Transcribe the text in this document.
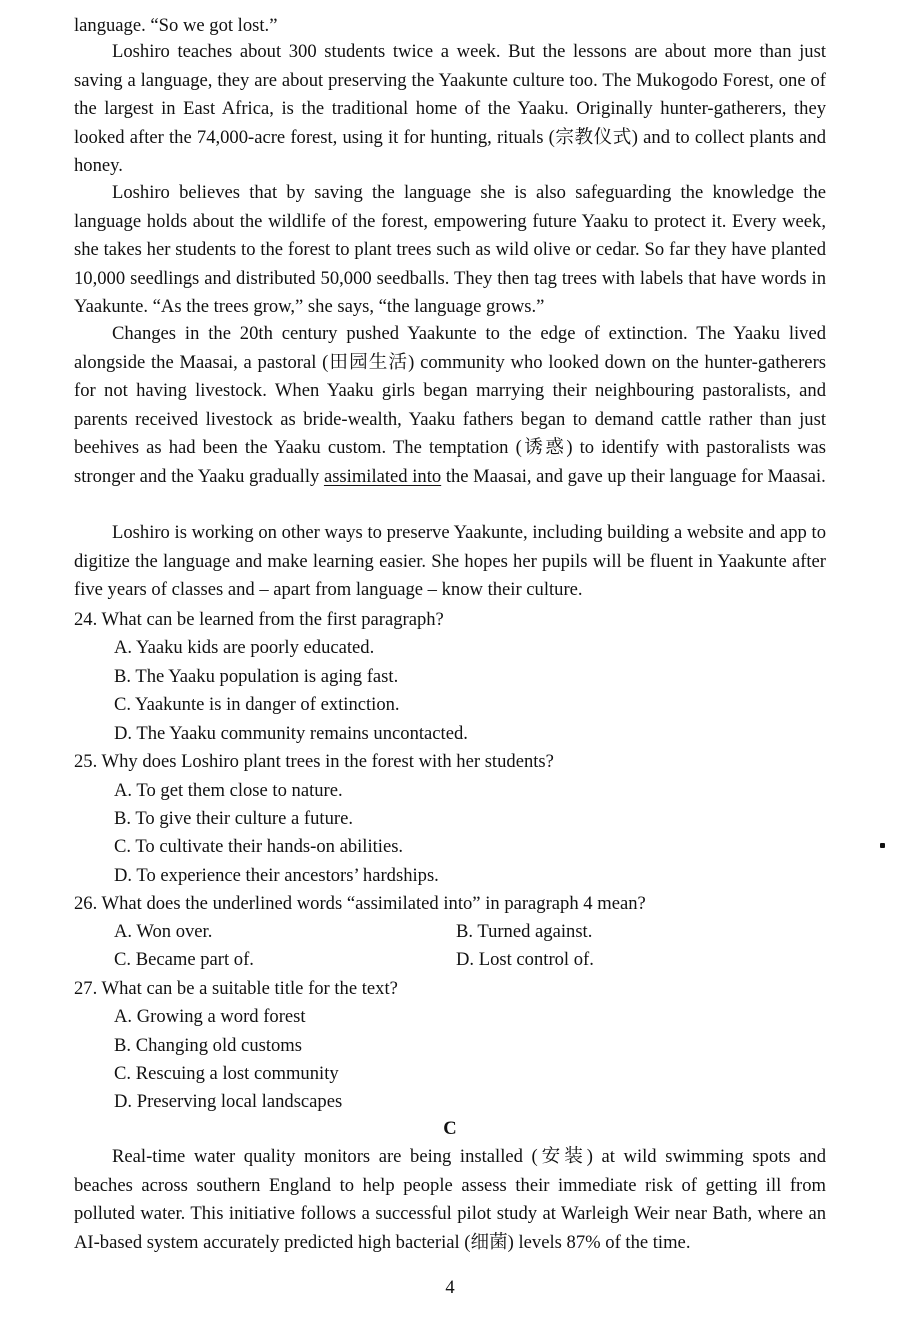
language. “So we got lost.”
Loshiro teaches about 300 students twice a week. But the lessons are about more than just saving a language, they are about preserving the Yaakunte culture too. The Mukogodo Forest, one of the largest in East Africa, is the traditional home of the Yaaku. Originally hunter-gatherers, they looked after the 74,000-acre forest, using it for hunting, rituals (宗教仪式) and to collect plants and honey.
Loshiro believes that by saving the language she is also safeguarding the knowledge the language holds about the wildlife of the forest, empowering future Yaaku to protect it. Every week, she takes her students to the forest to plant trees such as wild olive or cedar. So far they have planted 10,000 seedlings and distributed 50,000 seedballs. They then tag trees with labels that have words in Yaakunte. “As the trees grow,” she says, “the language grows.”
Changes in the 20th century pushed Yaakunte to the edge of extinction. The Yaaku lived alongside the Maasai, a pastoral (田园生活) community who looked down on the hunter-gatherers for not having livestock. When Yaaku girls began marrying their neighbouring pastoralists, and parents received livestock as bride-wealth, Yaaku fathers began to demand cattle rather than just beehives as had been the Yaaku custom. The temptation (诱惑) to identify with pastoralists was stronger and the Yaaku gradually assimilated into the Maasai, and gave up their language for Maasai.
Loshiro is working on other ways to preserve Yaakunte, including building a website and app to digitize the language and make learning easier. She hopes her pupils will be fluent in Yaakunte after five years of classes and – apart from language – know their culture.
24. What can be learned from the first paragraph?
A. Yaaku kids are poorly educated.
B. The Yaaku population is aging fast.
C. Yaakunte is in danger of extinction.
D. The Yaaku community remains uncontacted.
25. Why does Loshiro plant trees in the forest with her students?
A. To get them close to nature.
B. To give their culture a future.
C. To cultivate their hands-on abilities.
D. To experience their ancestors’ hardships.
26. What does the underlined words “assimilated into” in paragraph 4 mean?
A. Won over.	B. Turned against.
C. Became part of.	D. Lost control of.
27. What can be a suitable title for the text?
A. Growing a word forest
B. Changing old customs
C. Rescuing a lost community
D. Preserving local landscapes
C
Real-time water quality monitors are being installed (安装) at wild swimming spots and beaches across southern England to help people assess their immediate risk of getting ill from polluted water. This initiative follows a successful pilot study at Warleigh Weir near Bath, where an AI-based system accurately predicted high bacterial (细菌) levels 87% of the time.
4
